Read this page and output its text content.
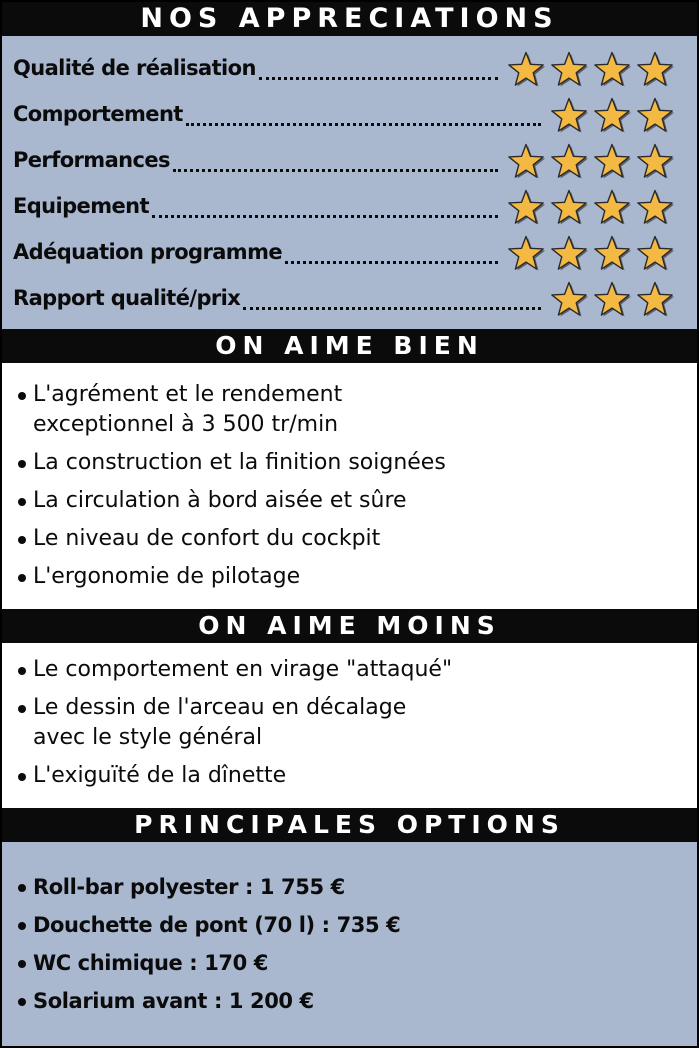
NOS APPRECIATIONS
Qualité de réalisation
Comportement
Performances
Equipement
Adéquation programme
Rapport qualité/prix
ON AIME BIEN
L'agrément et le rendement
exceptionnel à 3 500 tr/min
La construction et la finition soignées
La circulation à bord aisée et sûre
Le niveau de confort du cockpit
L'ergonomie de pilotage
ON AIME MOINS
Le comportement en virage "attaqué"
Le dessin de l'arceau en décalage
avec le style général
L'exiguïté de la dînette
PRINCIPALES OPTIONS
Roll-bar polyester : 1 755 €
Douchette de pont (70 l) : 735 €
WC chimique : 170 €
Solarium avant : 1 200 €
